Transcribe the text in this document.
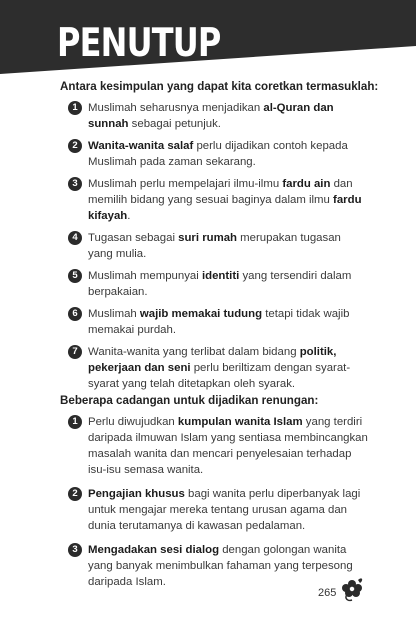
PENUTUP
Antara kesimpulan yang dapat kita coretkan termasuklah:
1 Muslimah seharusnya menjadikan al-Quran dan sunnah sebagai petunjuk.
2 Wanita-wanita salaf perlu dijadikan contoh kepada Muslimah pada zaman sekarang.
3 Muslimah perlu mempelajari ilmu-ilmu fardu ain dan memilih bidang yang sesuai baginya dalam ilmu fardu kifayah.
4 Tugasan sebagai suri rumah merupakan tugasan yang mulia.
5 Muslimah mempunyai identiti yang tersendiri dalam berpakaian.
6 Muslimah wajib memakai tudung tetapi tidak wajib memakai purdah.
7 Wanita-wanita yang terlibat dalam bidang politik, pekerjaan dan seni perlu beriltizam dengan syarat-syarat yang telah ditetapkan oleh syarak.
Beberapa cadangan untuk dijadikan renungan:
1 Perlu diwujudkan kumpulan wanita Islam yang terdiri daripada ilmuwan Islam yang sentiasa membincangkan masalah wanita dan mencari penyelesaian terhadap isu-isu semasa wanita.
2 Pengajian khusus bagi wanita perlu diperbanyak lagi untuk mengajar mereka tentang urusan agama dan dunia terutamanya di kawasan pedalaman.
3 Mengadakan sesi dialog dengan golongan wanita yang banyak menimbulkan fahaman yang terpesong daripada Islam.
265
